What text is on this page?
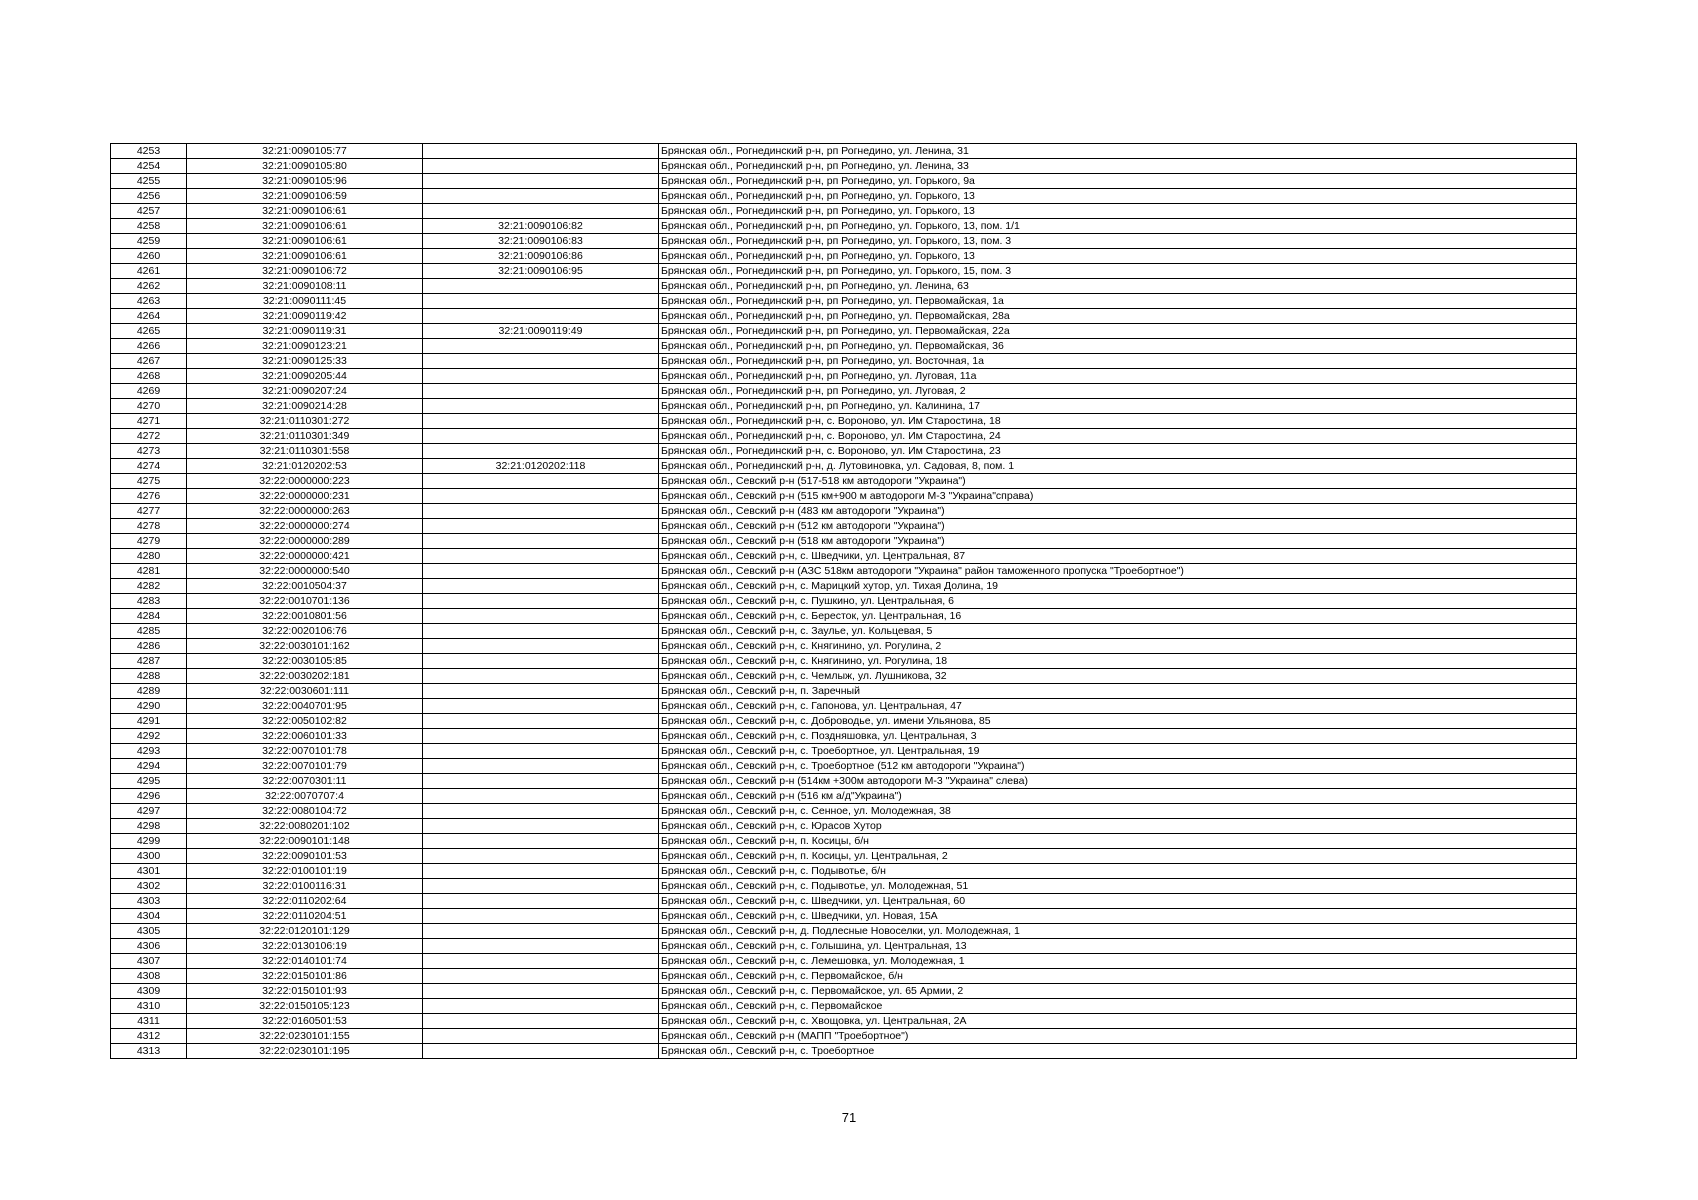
4253	32:21:0090105:77		Брянская обл., Рогнединский р-н, рп Рогнедино, ул. Ленина, 31
4254	32:21:0090105:80		Брянская обл., Рогнединский р-н, рп Рогнедино, ул. Ленина, 33
4255	32:21:0090105:96		Брянская обл., Рогнединский р-н, рп Рогнедино, ул. Горького, 9а
4256	32:21:0090106:59		Брянская обл., Рогнединский р-н, рп Рогнедино, ул. Горького, 13
4257	32:21:0090106:61		Брянская обл., Рогнединский р-н, рп Рогнедино, ул. Горького, 13
4258	32:21:0090106:61	32:21:0090106:82	Брянская обл., Рогнединский р-н, рп Рогнедино, ул. Горького, 13, пом. 1/1
4259	32:21:0090106:61	32:21:0090106:83	Брянская обл., Рогнединский р-н, рп Рогнедино, ул. Горького, 13, пом. 3
4260	32:21:0090106:61	32:21:0090106:86	Брянская обл., Рогнединский р-н, рп Рогнедино, ул. Горького, 13
4261	32:21:0090106:72	32:21:0090106:95	Брянская обл., Рогнединский р-н, рп Рогнедино, ул. Горького, 15, пом. 3
4262	32:21:0090108:11		Брянская обл., Рогнединский р-н, рп Рогнедино, ул. Ленина, 63
4263	32:21:0090111:45		Брянская обл., Рогнединский р-н, рп Рогнедино, ул. Первомайская, 1а
4264	32:21:0090119:42		Брянская обл., Рогнединский р-н, рп Рогнедино, ул. Первомайская, 28а
4265	32:21:0090119:31	32:21:0090119:49	Брянская обл., Рогнединский р-н, рп Рогнедино, ул. Первомайская, 22а
4266	32:21:0090123:21		Брянская обл., Рогнединский р-н, рп Рогнедино, ул. Первомайская, 36
4267	32:21:0090125:33		Брянская обл., Рогнединский р-н, рп Рогнедино, ул. Восточная, 1а
4268	32:21:0090205:44		Брянская обл., Рогнединский р-н, рп Рогнедино, ул. Луговая, 11а
4269	32:21:0090207:24		Брянская обл., Рогнединский р-н, рп Рогнедино, ул. Луговая, 2
4270	32:21:0090214:28		Брянская обл., Рогнединский р-н, рп Рогнедино, ул. Калинина, 17
4271	32:21:0110301:272		Брянская обл., Рогнединский р-н, с. Вороново, ул. Им Старостина, 18
4272	32:21:0110301:349		Брянская обл., Рогнединский р-н, с. Вороново, ул. Им Старостина, 24
4273	32:21:0110301:558		Брянская обл., Рогнединский р-н, с. Вороново, ул. Им Старостина, 23
4274	32:21:0120202:53	32:21:0120202:118	Брянская обл., Рогнединский р-н, д. Лутовиновка, ул. Садовая, 8, пом. 1
4275	32:22:0000000:223		Брянская обл., Севский р-н (517-518 км автодороги "Украина")
4276	32:22:0000000:231		Брянская обл., Севский р-н (515 км+900 м автодороги М-3 "Украина"справа)
4277	32:22:0000000:263		Брянская обл., Севский р-н (483 км автодороги "Украина")
4278	32:22:0000000:274		Брянская обл., Севский р-н (512 км автодороги "Украина")
4279	32:22:0000000:289		Брянская обл., Севский р-н (518 км автодороги "Украина")
4280	32:22:0000000:421		Брянская обл., Севский р-н, с. Шведчики, ул. Центральная, 87
4281	32:22:0000000:540		Брянская обл., Севский р-н (АЗС 518км автодороги "Украина" район таможенного пропуска "Троебортное")
4282	32:22:0010504:37		Брянская обл., Севский р-н, с. Марицкий хутор, ул. Тихая Долина, 19
4283	32:22:0010701:136		Брянская обл., Севский р-н, с. Пушкино, ул. Центральная, 6
4284	32:22:0010801:56		Брянская обл., Севский р-н, с. Бересток, ул. Центральная, 16
4285	32:22:0020106:76		Брянская обл., Севский р-н, с. Заулье, ул. Кольцевая, 5
4286	32:22:0030101:162		Брянская обл., Севский р-н, с. Княгинино, ул. Рогулина, 2
4287	32:22:0030105:85		Брянская обл., Севский р-н, с. Княгинино, ул. Рогулина, 18
4288	32:22:0030202:181		Брянская обл., Севский р-н, с. Чемлыж, ул. Лушникова, 32
4289	32:22:0030601:111		Брянская обл., Севский р-н, п. Заречный
4290	32:22:0040701:95		Брянская обл., Севский р-н, с. Гапонова, ул. Центральная, 47
4291	32:22:0050102:82		Брянская обл., Севский р-н, с. Доброводье, ул. имени Ульянова, 85
4292	32:22:0060101:33		Брянская обл., Севский р-н, с. Поздняшовка, ул. Центральная, 3
4293	32:22:0070101:78		Брянская обл., Севский р-н, с. Троебортное, ул. Центральная, 19
4294	32:22:0070101:79		Брянская обл., Севский р-н, с. Троебортное (512 км автодороги "Украина")
4295	32:22:0070301:11		Брянская обл., Севский р-н (514км +300м автодороги М-3 "Украина" слева)
4296	32:22:0070707:4		Брянская обл., Севский р-н (516 км а/д"Украина")
4297	32:22:0080104:72		Брянская обл., Севский р-н, с. Сенное, ул. Молодежная, 38
4298	32:22:0080201:102		Брянская обл., Севский р-н, с. Юрасов Хутор
4299	32:22:0090101:148		Брянская обл., Севский р-н, п. Косицы, б/н
4300	32:22:0090101:53		Брянская обл., Севский р-н, п. Косицы, ул. Центральная, 2
4301	32:22:0100101:19		Брянская обл., Севский р-н, с. Подывотье, б/н
4302	32:22:0100116:31		Брянская обл., Севский р-н, с. Подывотье, ул. Молодежная, 51
4303	32:22:0110202:64		Брянская обл., Севский р-н, с. Шведчики, ул. Центральная, 60
4304	32:22:0110204:51		Брянская обл., Севский р-н, с. Шведчики, ул. Новая, 15А
4305	32:22:0120101:129		Брянская обл., Севский р-н, д. Подлесные Новоселки, ул. Молодежная, 1
4306	32:22:0130106:19		Брянская обл., Севский р-н, с. Голышина, ул. Центральная, 13
4307	32:22:0140101:74		Брянская обл., Севский р-н, с. Лемешовка, ул. Молодежная, 1
4308	32:22:0150101:86		Брянская обл., Севский р-н, с. Первомайское, б/н
4309	32:22:0150101:93		Брянская обл., Севский р-н, с. Первомайское, ул. 65 Армии, 2
4310	32:22:0150105:123		Брянская обл., Севский р-н, с. Первомайское
4311	32:22:0160501:53		Брянская обл., Севский р-н, с. Хвощовка, ул. Центральная, 2А
4312	32:22:0230101:155		Брянская обл., Севский р-н (МАПП "Троебортное")
4313	32:22:0230101:195		Брянская обл., Севский р-н, с. Троебортное
71
